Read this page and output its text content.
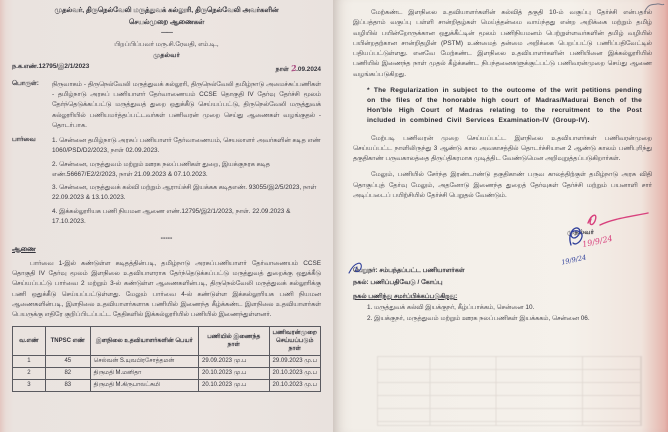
முதல்வர், திருநெல்வேலி மருத்துவக் கல்லூரி, திருநெல்வேலி அவர்களின்
செயல்முறை ஆணைகள்
——
பிறப்பிப்பவர் மரு.சி.ரேவதி, எம்.டி.,
முதல்வர்
ந.க.எண்.12795/இ2/1/2023	நாள் 2.09.2024
பொருள்:	நிருவாகம் - திருநெல்வேலி மருத்துவக் கல்லூரி, திருநெல்வேலி தமிழ்நாடு அமைச்சுப்பணிகள் - தமிழ்நாடு அரசுப் பணியாளர் தேர்வாணையம் CCSE தொகுதி IV தேர்வு தேர்ச்சி மூலம் தேர்ந்தெடுக்கப்பட்டு மருத்துவத் துறை ஒதுக்கீடு செய்யப்பட்டு, திருநெல்வேலி மருத்துவக் கல்லூரியில் பணியமர்த்தப்பட்டவர்கள் பணிவரன் முறை செய்து ஆணைகள் வழங்குதல் - தொடர்பாக.
பார்வை	1. சென்னை தமிழ்நாடு அரசுப் பணியாளர் தேர்வாணையம், செயலாளர் அவர்களின் கடித எண் 1060/PSD/D2/2023, நாள் 02.09.2023.

2. சென்னை, மருத்துவம் மற்றும் ஊரக நலப்பணிகள் துறை, இயக்குநரக கடித எண்.56667/E2/2/2023, நாள் 21.09.2023 & 07.10.2023.

3. சென்னை, மருத்துவக் கல்வி மற்றும் ஆராய்ச்சி இயக்கக கடிதஎண். 93055/இ2/5/2023, நாள் 22.09.2023 & 13.10.2023.

4. இக்கல்லூரியக பணி நியமன ஆணை எண்.12795/இ2/1/2023, நாள். 22.09.2023 & 17.10.2023.

-----
ஆணை

பார்வை 1-இல் கண்டுள்ள கடிதத்தின்படி, தமிழ்நாடு அரசுப்பணியாளர் தேர்வாணையம் CCSE தொகுதி IV தேர்வு மூலம் இளநிலை உதவியாளராக தேர்ந்தெடுக்கப்பட்டு மருத்துவத் துறைக்கு ஒதுக்கீடு செய்யப்பட்டு பார்வை 2 மற்றும் 3-ல் கண்டுள்ள ஆணைகளின்படி, திருநெல்வேலி மருத்துவக் கல்லூரிக்கு பணி ஒதுக்கீடு செய்யப்பட்டுள்ளது. மேலும் பார்வை 4-ல் கண்டுள்ள இக்கல்லூரியக பணி நியமன ஆணைகளின்படி, இளநிலை உதவியாளர்களாக பணியில் இணைந்த கீழ்க்கண்ட இளநிலை உதவியாளர்கள் பெயருக்கு எதிரே குறிப்பிடப்பட்ட தேதிகளில் இக்கல்லூரியில் பணியில் இணைந்துள்ளனர்.

வ.எண்	TNPSC எண்	இளநிலை உதவியாளர்களின் பெயர்	பணியில் இணைந்த நாள்	பணிவரன்முறை செய்யப்படும் நாள்
1	45	செல்வன் S.யுவபிரசோத்தமன்	29.09.2023 மு.ப	29.09.2023 மு.ப
2	82	திருமதி M.மனிதா	20.10.2023 மு.ப	20.10.2023 மு.ப
3	83	திருமதி M.கிருபாலட்சுமி	20.10.2023 மு.ப	20.10.2023 மு.ப

மேற்கண்ட இளநிலை உதவியாளர்களின் கல்வித் தகுதி 10-ம் வகுப்பு தேர்ச்சி என்பதால் இப்பத்தாம் வகுப்பு பள்ளி சான்றிதழ்கள் மெய்த்தன்மை வாய்ந்தது என்ற அறிக்கை மற்றும் தமிழ் வழியில் பயின்றோருக்கான ஒதுக்கீட்டின் மூலம் பணிநியமனம் பெற்றுள்ளவர்களின் தமிழ் வழியில் பயின்றதற்கான சான்றிதழின் (PSTM) உண்மைத் தன்மை அறிக்கை பெறப்பட்டு பணிப்பதிவேட்டில் பதியப்பட்டுள்ளது. எனவே மேற்கண்ட இளநிலை உதவியாளர்களின் பணியினை இக்கல்லூரியில் பணியில் இணைந்த நாள் முதல் கீழ்க்கண்ட நிபந்தனைகளுக்குட்பட்டு பணிவரன்முறை செய்து ஆணை வழங்கப்படுகிறது.

* The Regularization in subject to the outcome of the writ petitions pending on the files of the honorable high court of Madras/Madurai Bench of the Hon'ble High Court of Madras relating to the recruitment to the Post included in combined Civil Services Examination-IV (Group-IV).

மேற்படி பணிவரன் முறை செய்யப்பட்ட இளநிலை உதவியாளர்கள் பணிவரன்முறை செய்யப்பட்ட நாளிலிருந்து 3 ஆண்டு கால அவகாசத்தில் தொடர்ச்சியான 2 ஆண்டு காலம் பணிபுரிந்து தகுதிகாண் பருவகாலத்தை திருப்திகரமாக முடித்திட வேண்டுமென அறிவுறுத்தப்படுகிறார்கள்.

மேலும், பணியில் சேர்ந்த இரண்டாண்டு தகுதிகாண் பருவ காலத்திற்குள் தமிழ்நாடு அரசு விதி தொகுப்புத் தேர்வு மேலும், அதனோடு இணைந்த துறைத் தேர்வுகள் தேர்ச்சி மற்றும் பயனாளி சார் அடிப்படைப் பயிற்சியில் தேர்ச்சி பெறுதல் வேண்டும்.

முதல்வர்
19/9/24
19/9/24
பெறுநர்: சம்பந்தப்பட்ட பணியாளர்கள்
நகல்: பணிப்பதிவேடு / கோப்பு
நகல் பணிந்து சமர்ப்பிக்கப்படுகிறது:
1. மருத்துவக் கல்வி இயக்குநர், கீழ்ப்பாக்கம், சென்னை 10.
2. இயக்குநர், மருத்துவம் மற்றும் ஊரக நலப்பணிகள் இயக்ககம், சென்னை 06.
